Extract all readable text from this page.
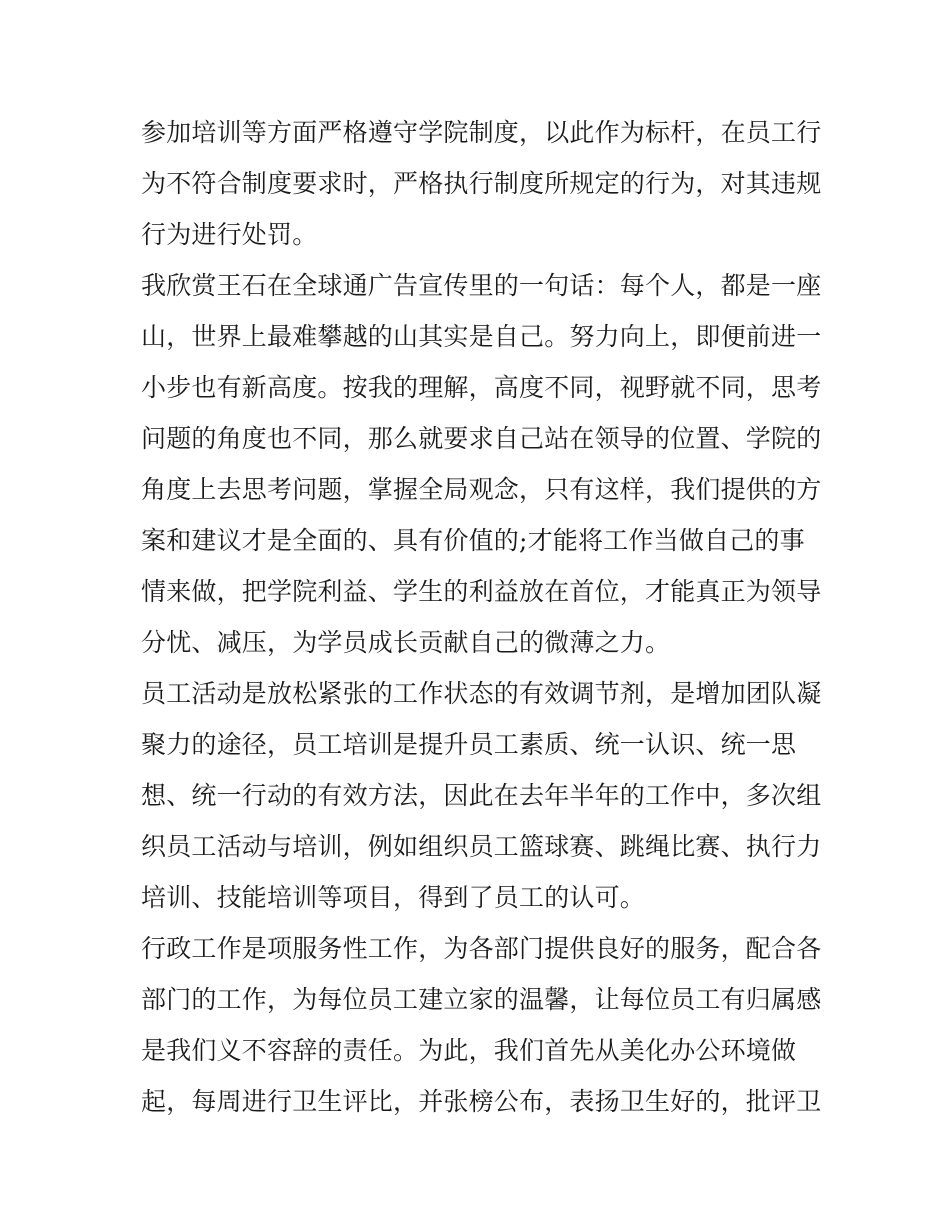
参加培训等方面严格遵守学院制度，以此作为标杆，在员工行
为不符合制度要求时，严格执行制度所规定的行为，对其违规
行为进行处罚。
我欣赏王石在全球通广告宣传里的一句话：每个人，都是一座
山，世界上最难攀越的山其实是自己。努力向上，即便前进一
小步也有新高度。按我的理解，高度不同，视野就不同，思考
问题的角度也不同，那么就要求自己站在领导的位置、学院的
角度上去思考问题，掌握全局观念，只有这样，我们提供的方
案和建议才是全面的、具有价值的;才能将工作当做自己的事
情来做，把学院利益、学生的利益放在首位，才能真正为领导
分忧、减压，为学员成长贡献自己的微薄之力。
员工活动是放松紧张的工作状态的有效调节剂，是增加团队凝
聚力的途径，员工培训是提升员工素质、统一认识、统一思
想、统一行动的有效方法，因此在去年半年的工作中，多次组
织员工活动与培训，例如组织员工篮球赛、跳绳比赛、执行力
培训、技能培训等项目，得到了员工的认可。
行政工作是项服务性工作，为各部门提供良好的服务，配合各
部门的工作，为每位员工建立家的温馨，让每位员工有归属感
是我们义不容辞的责任。为此，我们首先从美化办公环境做
起，每周进行卫生评比，并张榜公布，表扬卫生好的，批评卫
